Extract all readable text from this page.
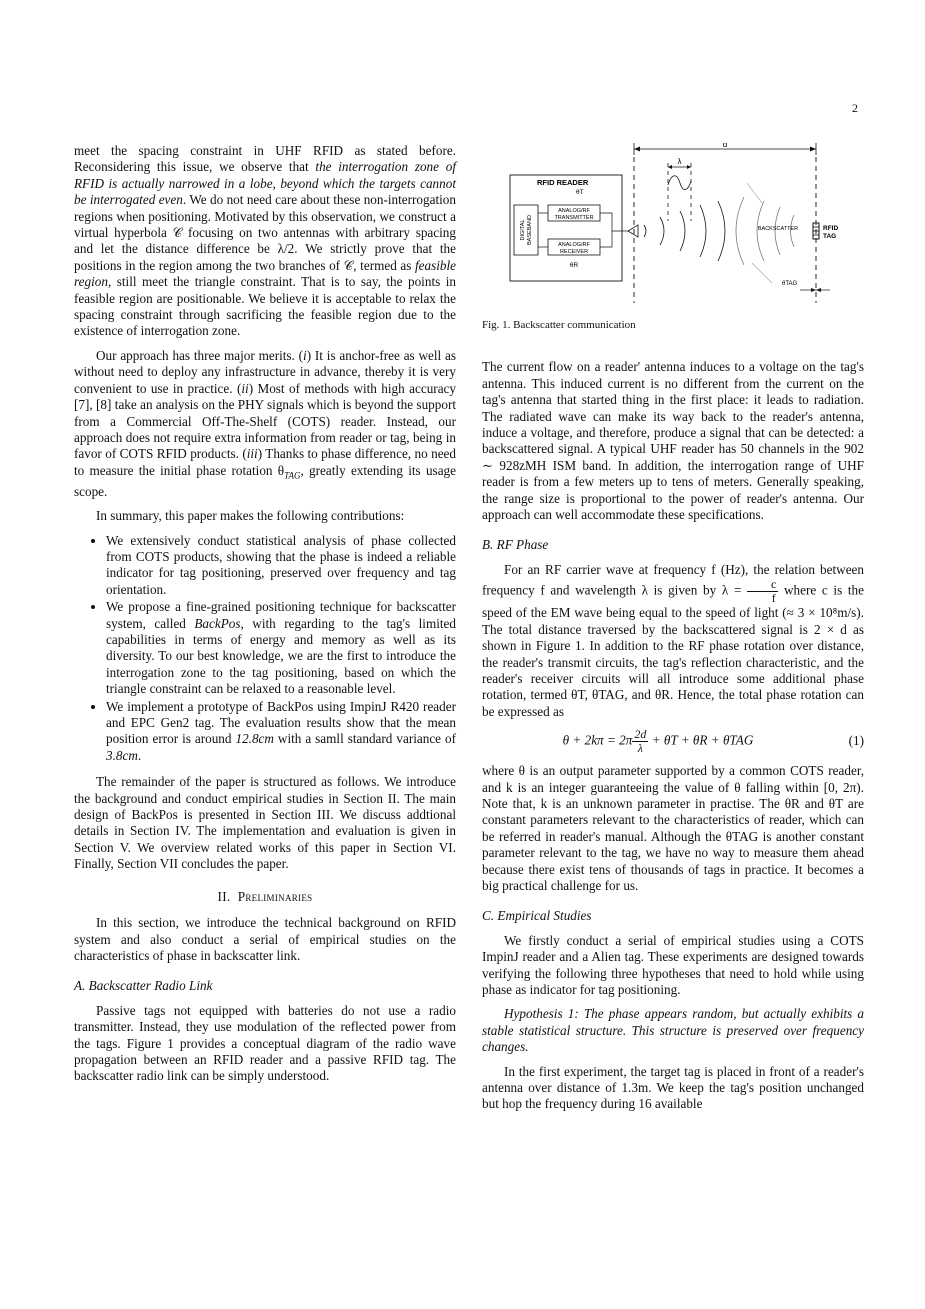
2

meet the spacing constraint in UHF RFID as stated before. Reconsidering this issue, we observe that the interrogation zone of RFID is actually narrowed in a lobe, beyond which the targets cannot be interrogated even. We do not need care about these non-interrogation regions when positioning. Motivated by this observation, we construct a virtual hyperbola 𝒞 focusing on two antennas with arbitrary spacing and let the distance difference be λ/2. We strictly prove that the positions in the region among the two branches of 𝒞, termed as feasible region, still meet the triangle constraint. That is to say, the points in feasible region are positionable. We believe it is acceptable to relax the spacing constraint through sacrificing the feasible region due to the existence of interrogation zone.

Our approach has three major merits. (i) It is anchor-free as well as without need to deploy any infrastructure in advance, thereby it is very convenient to use in practice. (ii) Most of methods with high accuracy [7], [8] take an analysis on the PHY signals which is beyond the support from a Commercial Off-The-Shelf (COTS) reader. Instead, our approach does not require extra information from reader or tag, being in favor of COTS RFID products. (iii) Thanks to phase difference, no need to measure the initial phase rotation $\theta_{TAG}$, greatly extending its usage scope.

In summary, this paper makes the following contributions:

• We extensively conduct statistical analysis of phase collected from COTS products, showing that the phase is indeed a reliable indicator for tag positioning, preserved over frequency and tag orientation.
• We propose a fine-grained positioning technique for backscatter system, called BackPos, with regarding to the tag's limited capabilities in terms of energy and memory as well as its diversity. To our best knowledge, we are the first to introduce the interrogation zone to the tag positioning, based on which the triangle constraint can be relaxed to a reasonable level.
• We implement a prototype of BackPos using ImpinJ R420 reader and EPC Gen2 tag. The evaluation results show that the mean position error is around 12.8cm with a samll standard variance of 3.8cm.

The remainder of the paper is structured as follows. We introduce the background and conduct empirical studies in Section II. The main design of BackPos is presented in Section III. We discuss addtional details in Section IV. The implementation and evaluation is given in Section V. We overview related works of this paper in Section VI. Finally, Section VII concludes the paper.

II. Preliminaries

In this section, we introduce the technical background on RFID system and also conduct a serial of empirical studies on the characteristics of phase in backscatter link.

A. Backscatter Radio Link

Passive tags not equipped with batteries do not use a radio transmitter. Instead, they use modulation of the reflected power from the tags. Figure 1 provides a conceptual diagram of the radio wave propagation between an RFID reader and a passive RFID tag. The backscatter radio link can be simply understood.

d
λ
RFID READER
θT
DIGITAL BASEBAND
ANALOG/RF
TRANSMITTER
ANALOG/RF
RECEIVER
θR
BACKSCATTER	RFID
TAG
θTAG
Fig. 1. Backscatter communication

The current flow on a reader' antenna induces to a voltage on the tag's antenna. This induced current is no different from the current on the tag's antenna that started thing in the first place: it leads to radiation. The radiated wave can make its way back to the reader's antenna, induce a voltage, and therefore, produce a signal that can be detected: a backscattered signal. A typical UHF reader has 50 channels in the 902 ∼ 928zMH ISM band. In addition, the interrogation range of UHF reader is from a few meters up to tens of meters. Generally speaking, the range size is proportional to the power of reader's antenna. Our approach can well accommodate these specifications.

B. RF Phase

For an RF carrier wave at frequency f (Hz), the relation between frequency f and wavelength λ is given by $\lambda = \frac{c}{f}$ where c is the speed of the EM wave being equal to the speed of light (≈ 3 × 10⁸m/s). The total distance traversed by the backscattered signal is 2 × d as shown in Figure 1. In addition to the RF phase rotation over distance, the reader's transmit circuits, the tag's reflection characteristic, and the reader's receiver circuits will all introduce some additional phase rotation, termed θT, θTAG, and θR. Hence, the total phase rotation can be expressed as

$\theta + 2k\pi = 2\pi \frac{2d}{\lambda} + \theta T + \theta R + \theta TAG$	(1)

where θ is an output parameter supported by a common COTS reader, and k is an integer guaranteeing the value of θ falling within [0, 2π). Note that, k is an unknown parameter in practise. The θR and θT are constant parameters relevant to the characteristics of reader, which can be referred in reader's manual. Although the θTAG is another constant parameter relevant to the tag, we have no way to measure them ahead because there exist tens of thousands of tags in practice. It becomes a big practical challenge for us.

C. Empirical Studies

We firstly conduct a serial of empirical studies using a COTS ImpinJ reader and a Alien tag. These experiments are designed towards verifying the following three hypotheses that need to hold while using phase as indicator for tag positioning.

Hypothesis 1: The phase appears random, but actually exhibits a stable statistical structure. This structure is preserved over frequency changes.

In the first experiment, the target tag is placed in front of a reader's antenna over distance of 1.3m. We keep the tag's position unchanged but hop the frequency during 16 available
